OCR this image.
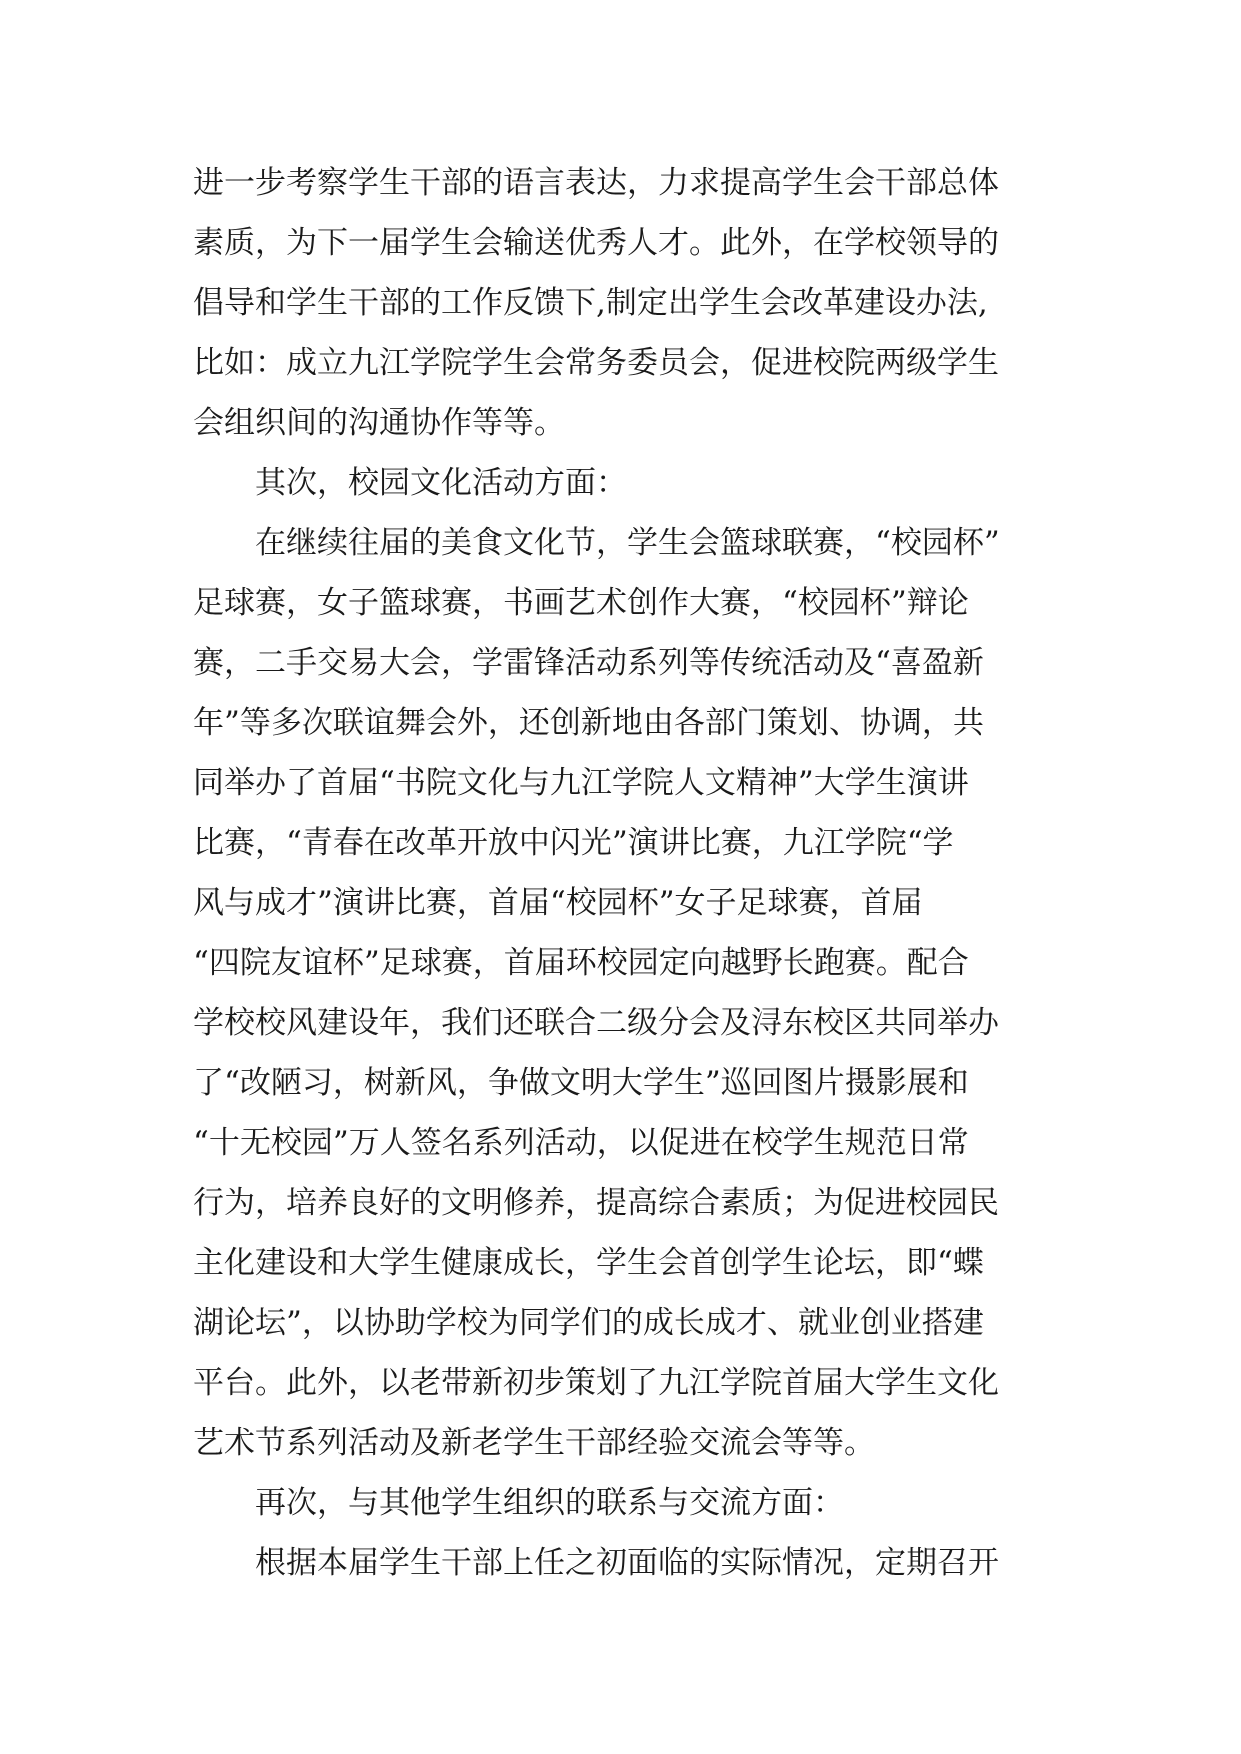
进一步考察学生干部的语言表达，力求提高学生会干部总体
素质，为下一届学生会输送优秀人才。此外，在学校领导的
倡导和学生干部的工作反馈下,制定出学生会改革建设办法,
比如：成立九江学院学生会常务委员会，促进校院两级学生
会组织间的沟通协作等等。
其次，校园文化活动方面：
在继续往届的美食文化节，学生会篮球联赛，“校园杯”
足球赛，女子篮球赛，书画艺术创作大赛，“校园杯”辩论
赛，二手交易大会，学雷锋活动系列等传统活动及“喜盈新
年”等多次联谊舞会外，还创新地由各部门策划、协调，共
同举办了首届“书院文化与九江学院人文精神”大学生演讲
比赛，“青春在改革开放中闪光”演讲比赛，九江学院“学
风与成才”演讲比赛，首届“校园杯”女子足球赛，首届
“四院友谊杯”足球赛，首届环校园定向越野长跑赛。配合
学校校风建设年，我们还联合二级分会及浔东校区共同举办
了“改陋习，树新风，争做文明大学生”巡回图片摄影展和
“十无校园”万人签名系列活动，以促进在校学生规范日常
行为，培养良好的文明修养，提高综合素质；为促进校园民
主化建设和大学生健康成长，学生会首创学生论坛，即“蝶
湖论坛”，以协助学校为同学们的成长成才、就业创业搭建
平台。此外，以老带新初步策划了九江学院首届大学生文化
艺术节系列活动及新老学生干部经验交流会等等。
再次，与其他学生组织的联系与交流方面：
根据本届学生干部上任之初面临的实际情况，定期召开
